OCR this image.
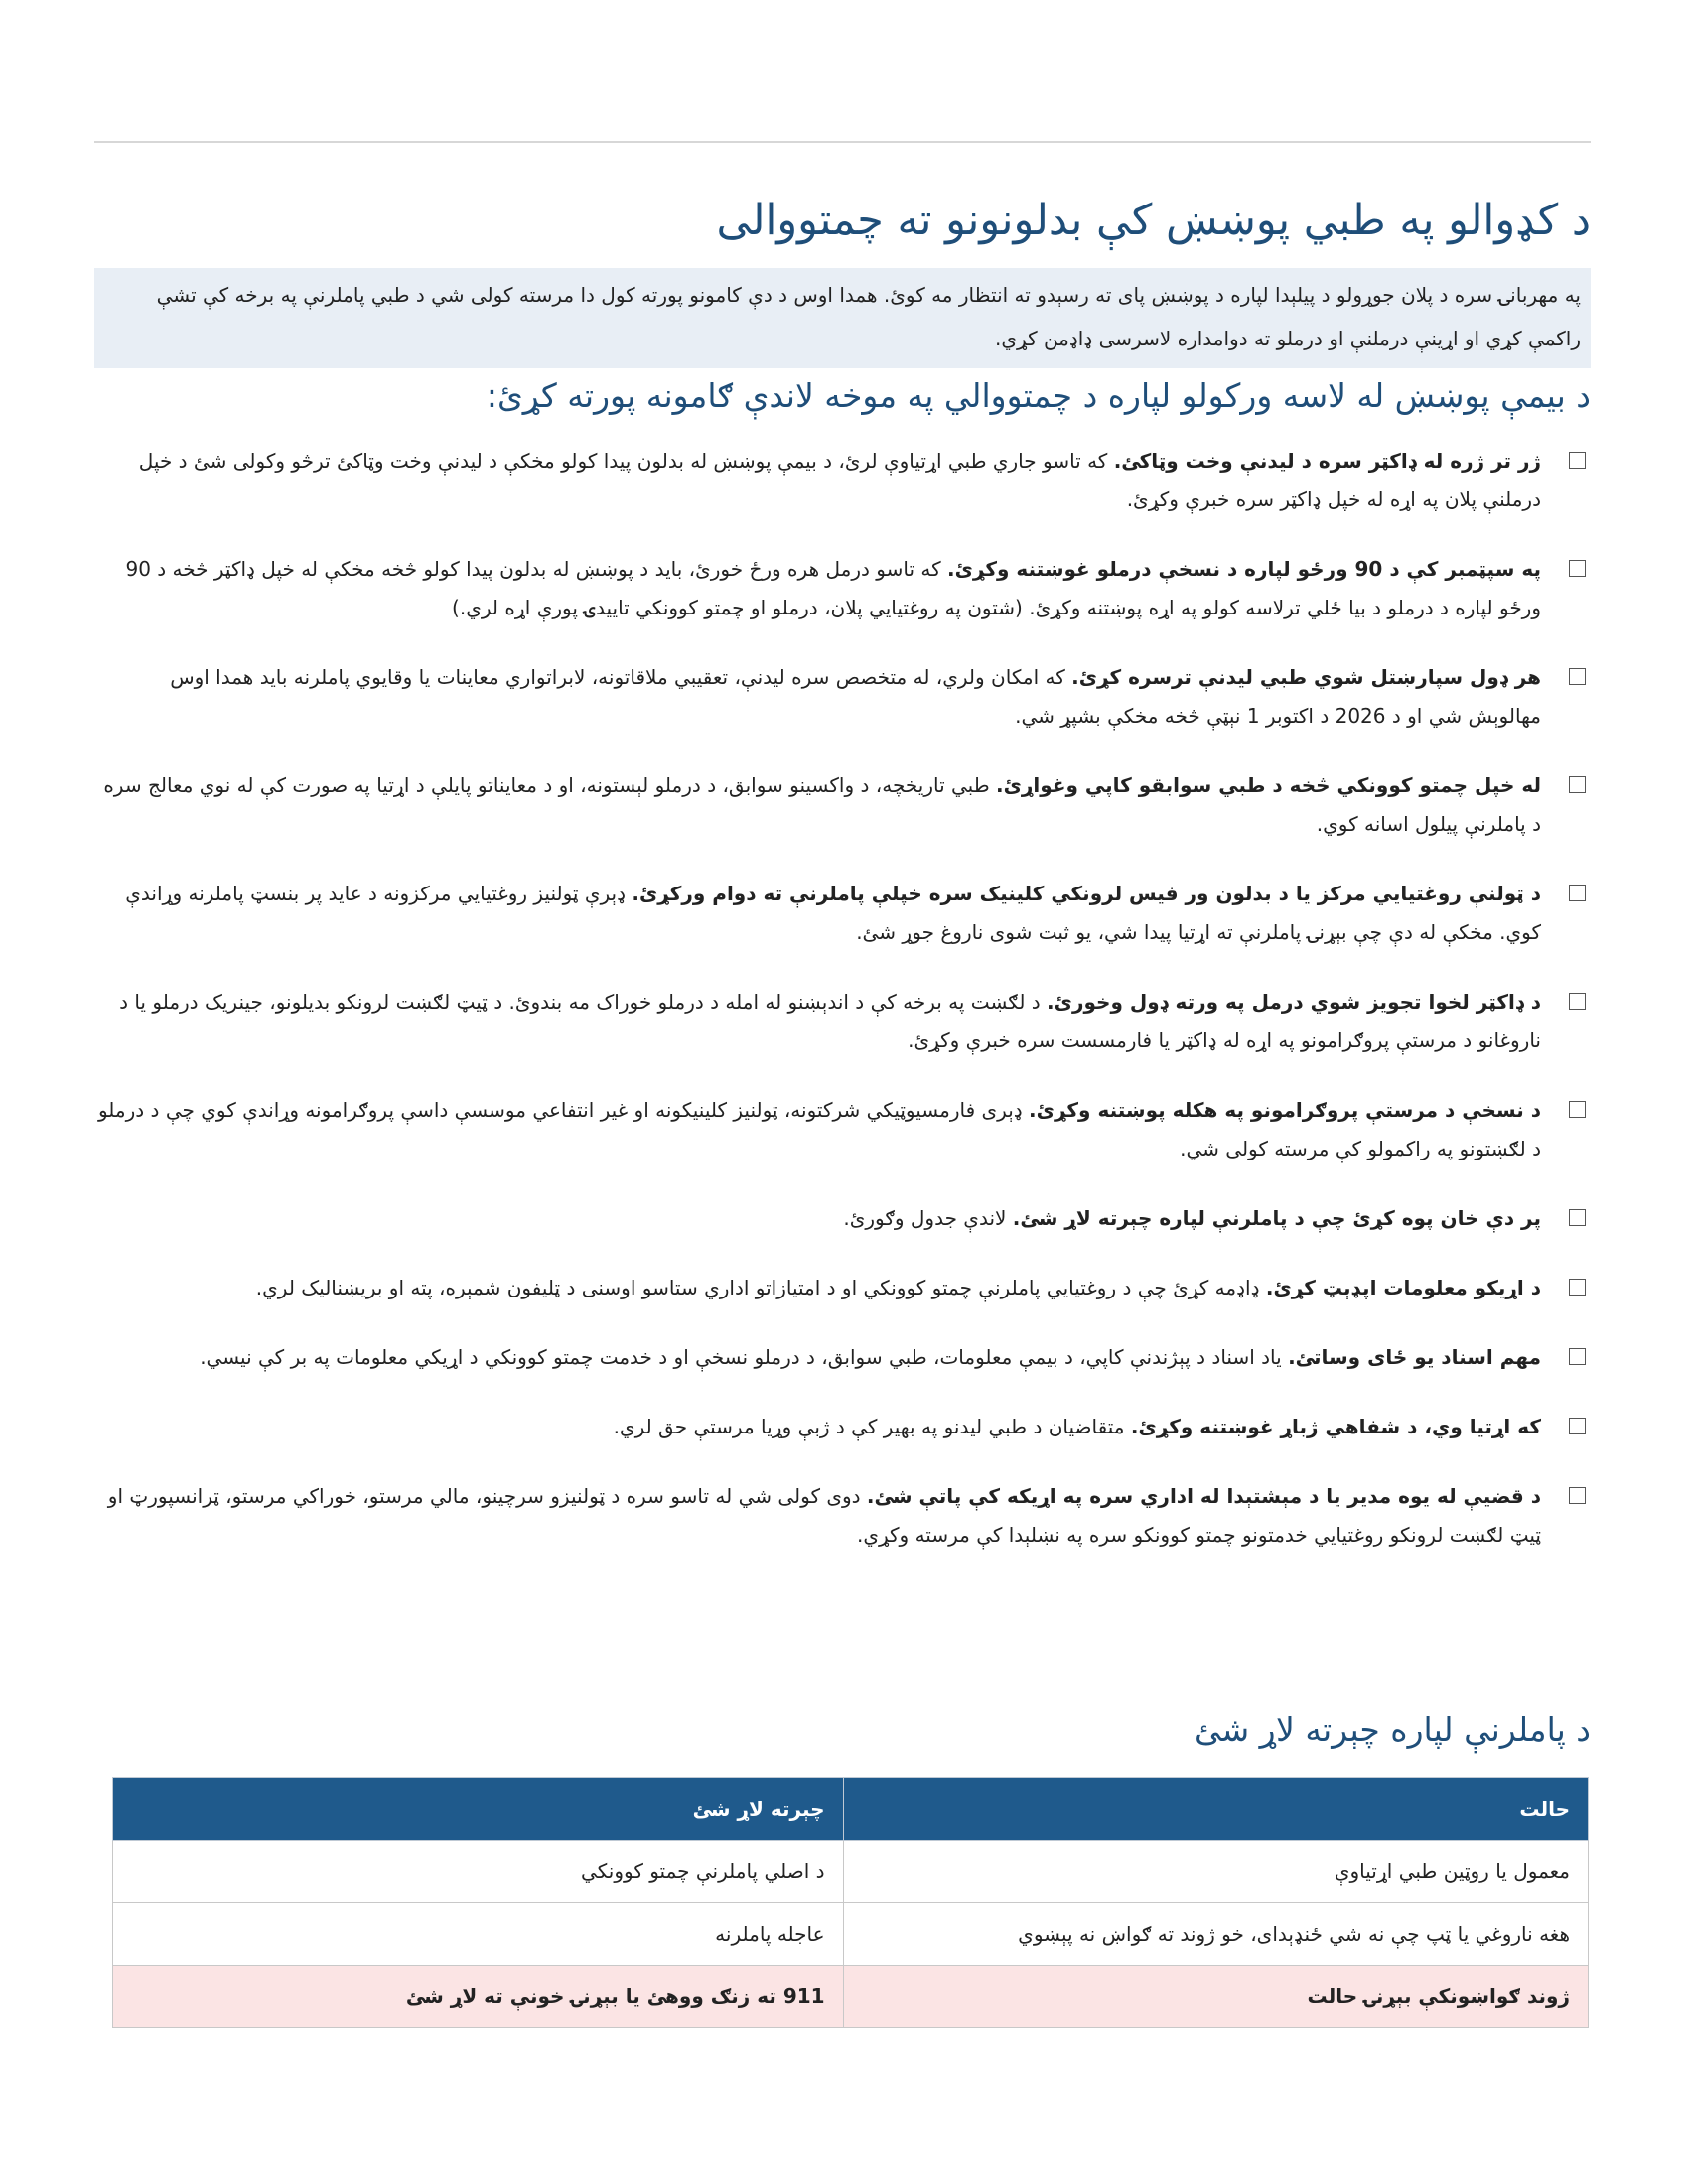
د کډوالو په طبي پوښښ کې بدلونونو ته چمتووالی
په مهربانۍ سره د پلان جوړولو د پیلېدا لپاره د پوښښ پای ته رسېدو ته انتظار مه کوئ. همدا اوس د دې کامونو پورته کول دا مرسته کولی شي د طبي پاملرنې په برخه کې تشې راکمې کړي او اړینې درملنې او درملو ته دوامداره لاسرسی ډاډمن کړي.
د بیمې پوښښ له لاسه ورکولو لپاره د چمتووالي په موخه لاندې ګامونه پورته کړئ:
ژر تر ژره له ډاکټر سره د لیدنې وخت وټاکئ. که تاسو جاري طبي اړتياوې لرئ، د بيمې پوښښ له بدلون پیدا کولو مخکې د لیدنې وخت وټاکئ ترڅو وکولی شئ د خپل درملنې پلان په اړه له خپل ډاکټر سره خبرې وکړئ.
په سپټمبر کې د 90 ورځو لپاره د نسخې درملو غوښتنه وکړئ. که تاسو درمل هره ورځ خورئ، باید د پوښښ له بدلون پیدا کولو څخه مخکې له خپل ډاکټر څخه د 90 ورځو لپاره د درملو د بیا ځلي ترلاسه کولو په اړه پوښتنه وکړئ. (شتون په روغتیايي پلان، درملو او چمتو کوونکي تاییدۍ پورې اړه لري.)
هر ډول سپارښتل شوي طبي لیدنې ترسره کړئ. که امکان ولري، له متخصص سره لیدنې، تعقیبي ملاقاتونه، لابراتواري معاینات یا وقایوي پاملرنه باید همدا اوس مهالوېش شي او د 2026 د اکتوبر 1 نېټې څخه مخکې بشپړ شي.
له خپل چمتو کوونکي څخه د طبي سوابقو کاپي وغواړئ. طبي تاریخچه، د واکسینو سوابق، د درملو لېستونه، او د معایناتو پایلې د اړتیا په صورت کې له نوي معالج سره د پاملرنې پیلول اسانه کوي.
د ټولنې روغتیايي مرکز یا د بدلون ور فیس لرونکي کلینیک سره خپلې پاملرنې ته دوام ورکړئ. ډېرې ټولنیز روغتیايي مرکزونه د عاید پر بنسټ پاملرنه وړاندې کوي. مخکې له دې چې بېړنۍ پاملرنې ته اړتیا پیدا شي، یو ثبت شوی ناروغ جوړ شئ.
د ډاکټر لخوا تجویز شوي درمل په ورته ډول وخورئ. د لګښت په برخه کې د اندېښنو له امله د درملو خوراک مه بندوئ. د ټیټ لګښت لرونکو بدیلونو، جینریک درملو یا د ناروغانو د مرستې پروګرامونو په اړه له ډاکټر یا فارمسست سره خبرې وکړئ.
د نسخې د مرستې پروګرامونو په هکله پوښتنه وکړئ. ډېری فارمسیوټیکي شرکتونه، ټولنیز کلینیکونه او غیر انتفاعي موسسې داسې پروګرامونه وړاندې کوي چې د درملو د لګښتونو په راکمولو کې مرسته کولی شي.
پر دې خان پوه کړئ چې د پاملرنې لپاره چېرته لاړ شئ. لاندې جدول وګورئ.
د اړیکو معلومات اپډېټ کړئ. ډاډمه کړئ چې د روغتیايي پاملرنې چمتو کوونکي او د امتیازاتو اداري ستاسو اوسنی د ټلیفون شمېره، پته او بریښنالیک لري.
مهم اسناد یو ځای وساتئ. یاد اسناد د پېژندنې کاپي، د بیمې معلومات، طبي سوابق، د درملو نسخې او د خدمت چمتو کوونکي د اړیکي معلومات په بر کې نیسي.
که اړتیا وي، د شفاهي ژباړ غوښتنه وکړئ. متقاضیان د طبي لیدنو په بهیر کې د ژبې وړیا مرستې حق لري.
د قضیې له یوه مدیر یا د مېشتېدا له اداري سره په اړیکه کې پاتې شئ. دوی کولی شي له تاسو سره د ټولنیزو سرچینو، مالي مرستو، خوراکي مرستو، ټرانسپورټ او ټیټ لګښت لرونکو روغتیايي خدمتونو چمتو کوونکو سره په نښلېدا کې مرسته وکړي.
د پاملرنې لپاره چېرته لاړ شئ
حالت	چېرته لاړ شئ
معمول یا روټین طبي اړتیاوې	د اصلي پاملرنې چمتو کوونکي
هغه ناروغي یا ټپ چې نه شي ځنډېدای، خو ژوند ته ګواښ نه پېښوي	عاجله پاملرنه
ژوند ګواښونکې بېړنۍ حالت	911 ته زنګ ووهئ یا بېړنۍ خونې ته لاړ شئ
